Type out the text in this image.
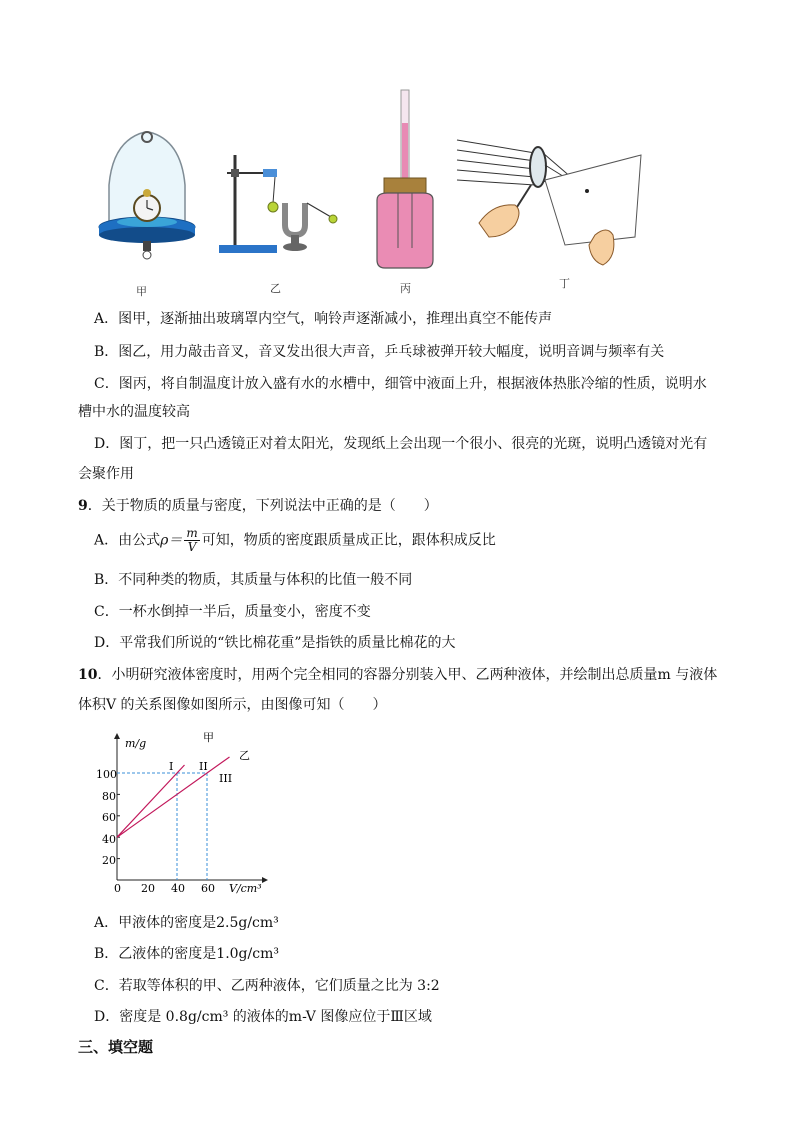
甲	乙	丙	丁
A．图甲，逐渐抽出玻璃罩内空气，响铃声逐渐减小，推理出真空不能传声
B．图乙，用力敲击音叉，音叉发出很大声音，乒乓球被弹开较大幅度，说明音调与频率有关
C．图丙，将自制温度计放入盛有水的水槽中，细管中液面上升，根据液体热胀冷缩的性质，说明水
槽中水的温度较高
D．图丁，把一只凸透镜正对着太阳光，发现纸上会出现一个很小、很亮的光斑，说明凸透镜对光有
会聚作用
9．关于物质的质量与密度，下列说法中正确的是（　　）
A．由公式$\rho= \frac{m}{V}$ 可知，物质的密度跟质量成正比，跟体积成反比
B．不同种类的物质，其质量与体积的比值一般不同
C．一杯水倒掉一半后，质量变小，密度不变
D．平常我们所说的“铁比棉花重”是指铁的质量比棉花的大
10．小明研究液体密度时，用两个完全相同的容器分别装入甲、乙两种液体，并绘制出总质量m 与液体
体积V 的关系图像如图所示，由图像可知（　　）
m/g
V/cm³
100
80
60
40
20
0 20 40 60
甲
乙
I II
III
A．甲液体的密度是2.5g/cm³
B．乙液体的密度是1.0g/cm³
C．若取等体积的甲、乙两种液体，它们质量之比为 3:2
D．密度是 0.8g/cm³ 的液体的m-V 图像应位于Ⅲ区域
三、填空题
